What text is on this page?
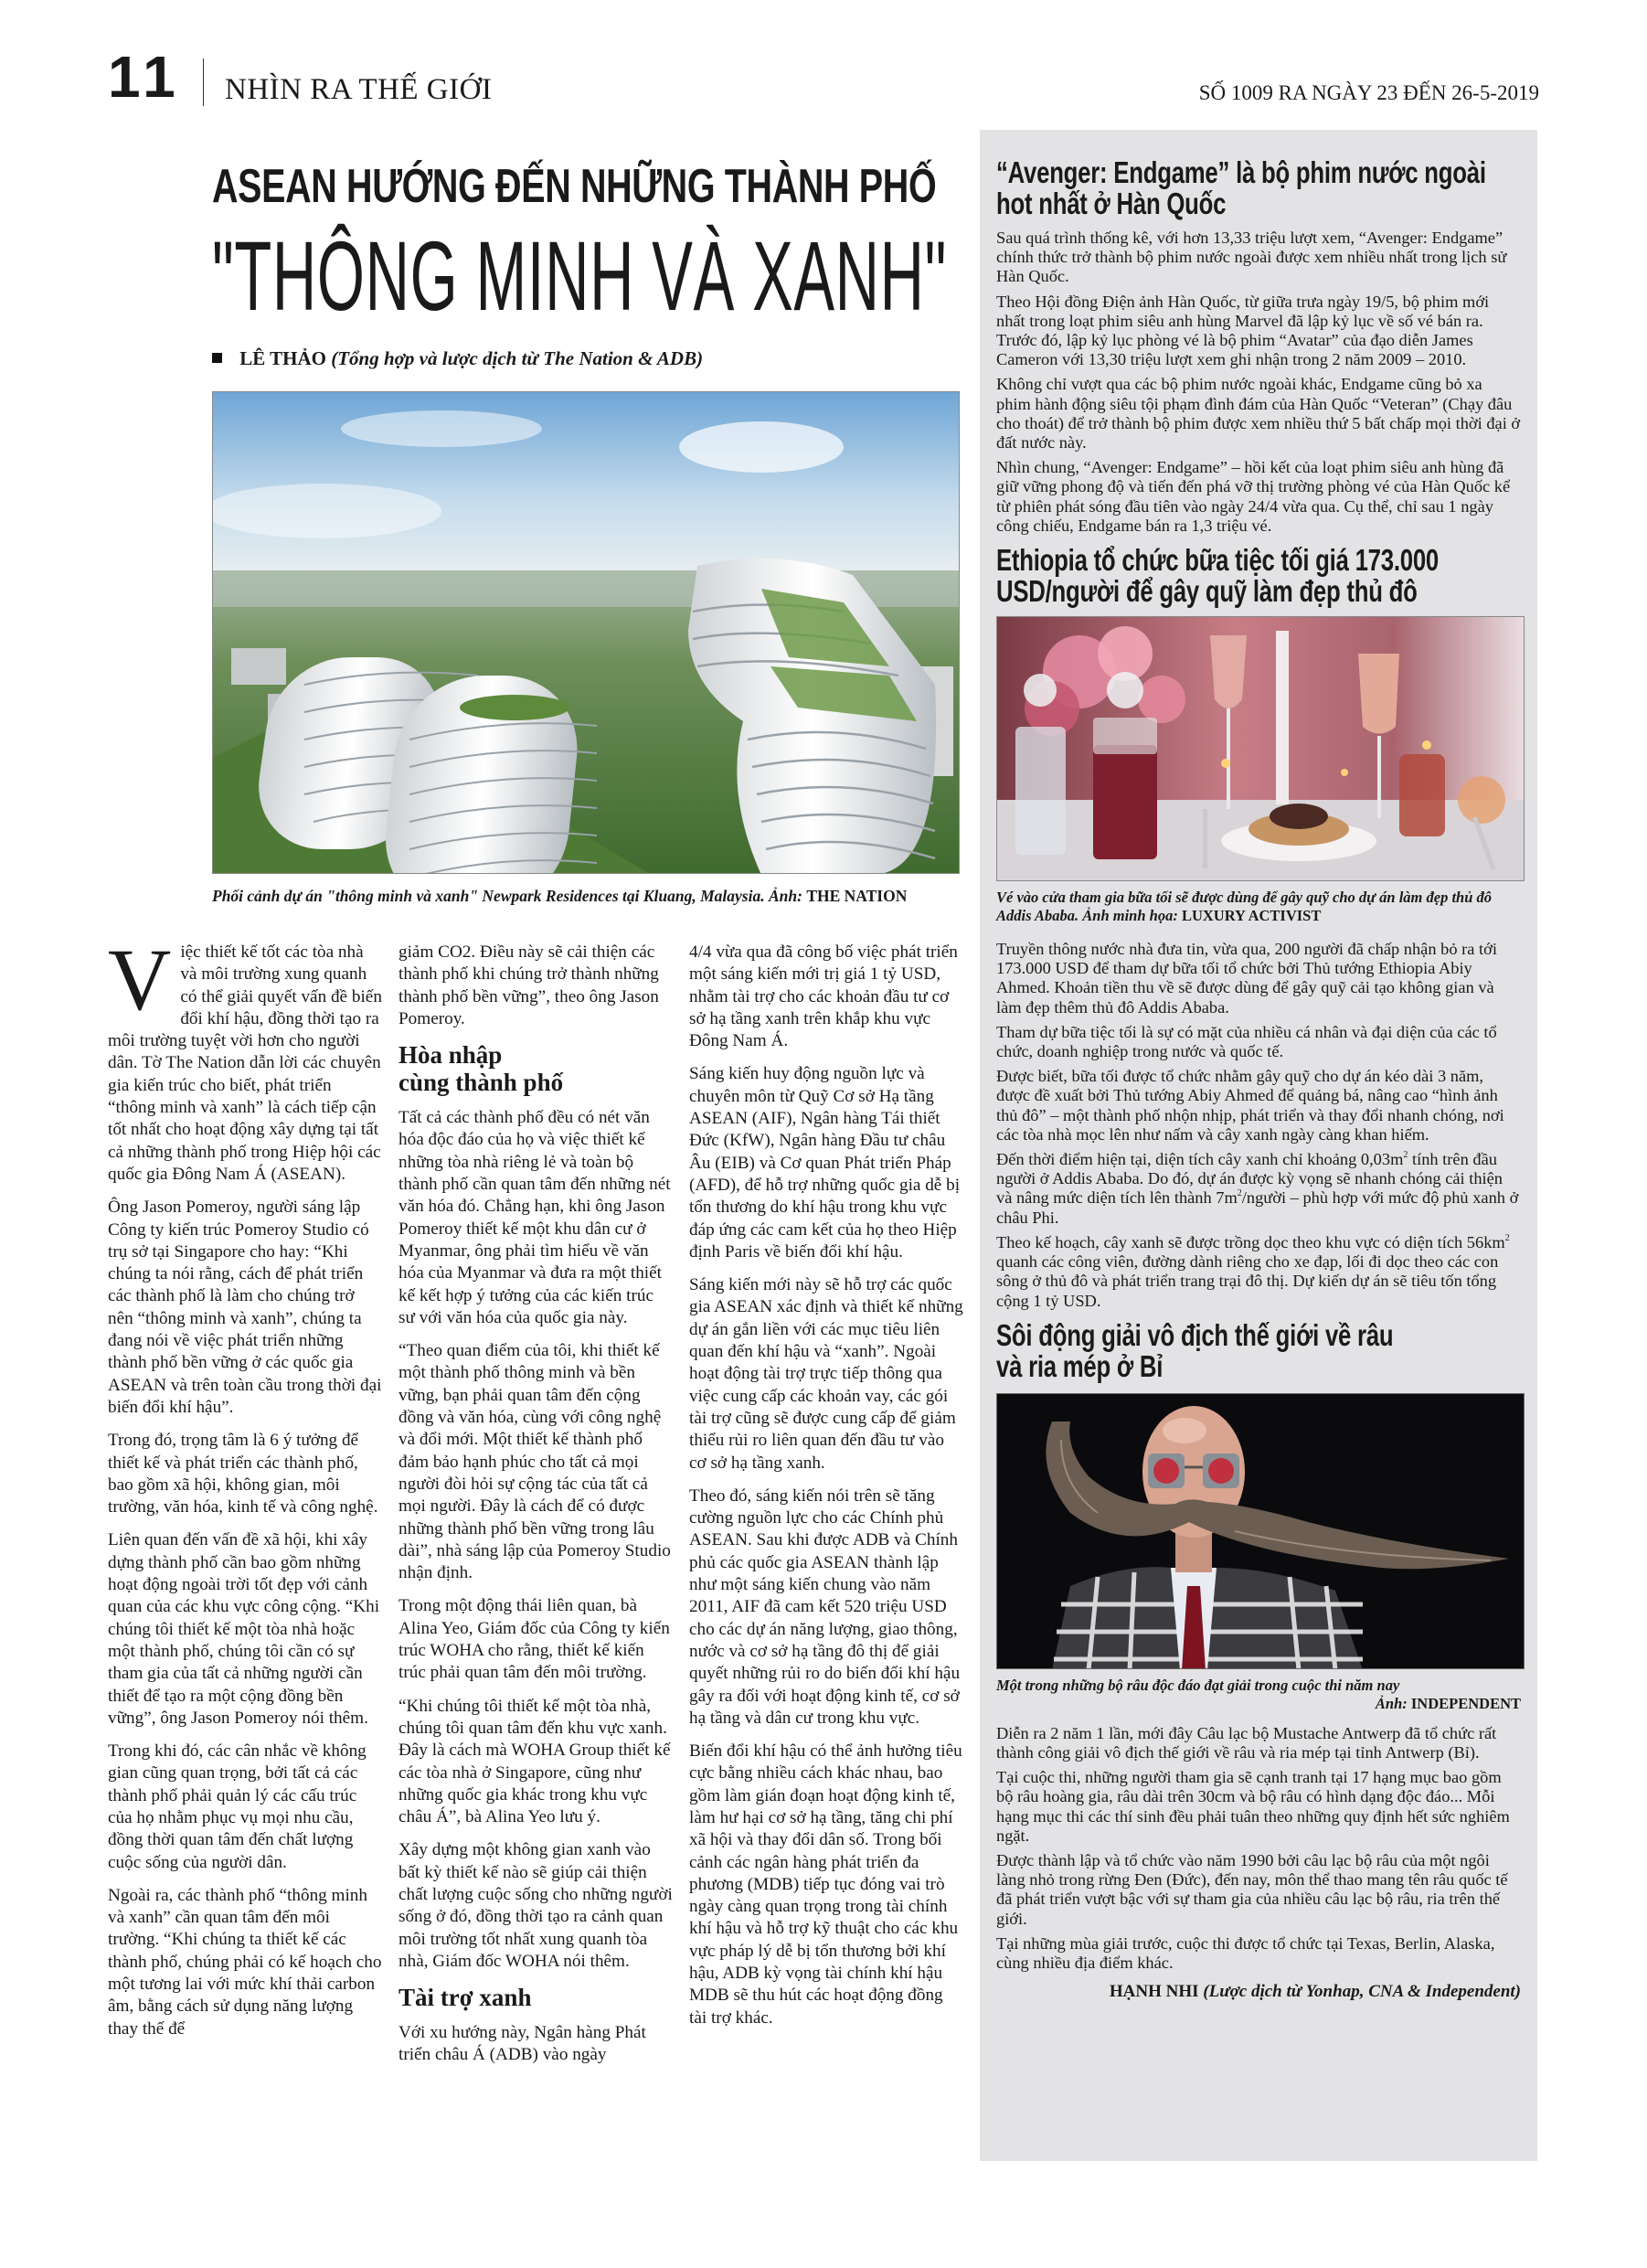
11 NHÌN RA THẾ GIỚI	SỐ 1009 RA NGÀY 23 ĐẾN 26-5-2019
ASEAN HƯỚNG ĐẾN NHỮNG THÀNH PHỐ
"THÔNG MINH VÀ XANH"
LÊ THẢO (Tổng hợp và lược dịch từ The Nation & ADB)
Phối cảnh dự án "thông minh và xanh" Newpark Residences tại Kluang, Malaysia. Ảnh: THE NATION

Việc thiết kế tốt các tòa nhà và môi trường xung quanh có thể giải quyết vấn đề biến đổi khí hậu, đồng thời tạo ra môi trường tuyệt vời hơn cho người dân. Tờ The Nation dẫn lời các chuyên gia kiến trúc cho biết, phát triển “thông minh và xanh” là cách tiếp cận tốt nhất cho hoạt động xây dựng tại tất cả những thành phố trong Hiệp hội các quốc gia Đông Nam Á (ASEAN).

Ông Jason Pomeroy, người sáng lập Công ty kiến trúc Pomeroy Studio có trụ sở tại Singapore cho hay: “Khi chúng ta nói rằng, cách để phát triển các thành phố là làm cho chúng trở nên “thông minh và xanh”, chúng ta đang nói về việc phát triển những thành phố bền vững ở các quốc gia ASEAN và trên toàn cầu trong thời đại biến đổi khí hậu”.

Trong đó, trọng tâm là 6 ý tưởng để thiết kế và phát triển các thành phố, bao gồm xã hội, không gian, môi trường, văn hóa, kinh tế và công nghệ.

Liên quan đến vấn đề xã hội, khi xây dựng thành phố cần bao gồm những hoạt động ngoài trời tốt đẹp với cảnh quan của các khu vực công cộng. “Khi chúng tôi thiết kế một tòa nhà hoặc một thành phố, chúng tôi cần có sự tham gia của tất cả những người cần thiết để tạo ra một cộng đồng bền vững”, ông Jason Pomeroy nói thêm.

Trong khi đó, các cân nhắc về không gian cũng quan trọng, bởi tất cả các thành phố phải quản lý các cấu trúc của họ nhằm phục vụ mọi nhu cầu, đồng thời quan tâm đến chất lượng cuộc sống của người dân.

Ngoài ra, các thành phố “thông minh và xanh” cần quan tâm đến môi trường. “Khi chúng ta thiết kế các thành phố, chúng phải có kế hoạch cho một tương lai với mức khí thải carbon âm, bằng cách sử dụng năng lượng thay thế để

giảm CO2. Điều này sẽ cải thiện các thành phố khi chúng trở thành những thành phố bền vững”, theo ông Jason Pomeroy.

Hòa nhập
cùng thành phố

Tất cả các thành phố đều có nét văn hóa độc đáo của họ và việc thiết kế những tòa nhà riêng lẻ và toàn bộ thành phố cần quan tâm đến những nét văn hóa đó. Chẳng hạn, khi ông Jason Pomeroy thiết kế một khu dân cư ở Myanmar, ông phải tìm hiểu về văn hóa của Myanmar và đưa ra một thiết kế kết hợp ý tưởng của các kiến trúc sư với văn hóa của quốc gia này.

“Theo quan điểm của tôi, khi thiết kế một thành phố thông minh và bền vững, bạn phải quan tâm đến cộng đồng và văn hóa, cùng với công nghệ và đổi mới. Một thiết kế thành phố đảm bảo hạnh phúc cho tất cả mọi người đòi hỏi sự cộng tác của tất cả mọi người. Đây là cách để có được những thành phố bền vững trong lâu dài”, nhà sáng lập của Pomeroy Studio nhận định.

Trong một động thái liên quan, bà Alina Yeo, Giám đốc của Công ty kiến trúc WOHA cho rằng, thiết kế kiến trúc phải quan tâm đến môi trường.

“Khi chúng tôi thiết kế một tòa nhà, chúng tôi quan tâm đến khu vực xanh. Đây là cách mà WOHA Group thiết kế các tòa nhà ở Singapore, cũng như những quốc gia khác trong khu vực châu Á”, bà Alina Yeo lưu ý.

Xây dựng một không gian xanh vào bất kỳ thiết kế nào sẽ giúp cải thiện chất lượng cuộc sống cho những người sống ở đó, đồng thời tạo ra cảnh quan môi trường tốt nhất xung quanh tòa nhà, Giám đốc WOHA nói thêm.

Tài trợ xanh

Với xu hướng này, Ngân hàng Phát triển châu Á (ADB) vào ngày

4/4 vừa qua đã công bố việc phát triển một sáng kiến mới trị giá 1 tỷ USD, nhằm tài trợ cho các khoản đầu tư cơ sở hạ tầng xanh trên khắp khu vực Đông Nam Á.

Sáng kiến huy động nguồn lực và chuyên môn từ Quỹ Cơ sở Hạ tầng ASEAN (AIF), Ngân hàng Tái thiết Đức (KfW), Ngân hàng Đầu tư châu Âu (EIB) và Cơ quan Phát triển Pháp (AFD), để hỗ trợ những quốc gia dễ bị tổn thương do khí hậu trong khu vực đáp ứng các cam kết của họ theo Hiệp định Paris về biến đổi khí hậu.

Sáng kiến mới này sẽ hỗ trợ các quốc gia ASEAN xác định và thiết kế những dự án gắn liền với các mục tiêu liên quan đến khí hậu và “xanh”. Ngoài hoạt động tài trợ trực tiếp thông qua việc cung cấp các khoản vay, các gói tài trợ cũng sẽ được cung cấp để giảm thiểu rủi ro liên quan đến đầu tư vào cơ sở hạ tầng xanh.

Theo đó, sáng kiến nói trên sẽ tăng cường nguồn lực cho các Chính phủ ASEAN. Sau khi được ADB và Chính phủ các quốc gia ASEAN thành lập như một sáng kiến chung vào năm 2011, AIF đã cam kết 520 triệu USD cho các dự án năng lượng, giao thông, nước và cơ sở hạ tầng đô thị để giải quyết những rủi ro do biến đổi khí hậu gây ra đối với hoạt động kinh tế, cơ sở hạ tầng và dân cư trong khu vực.

Biến đổi khí hậu có thể ảnh hưởng tiêu cực bằng nhiều cách khác nhau, bao gồm làm gián đoạn hoạt động kinh tế, làm hư hại cơ sở hạ tầng, tăng chi phí xã hội và thay đổi dân số. Trong bối cảnh các ngân hàng phát triển đa phương (MDB) tiếp tục đóng vai trò ngày càng quan trọng trong tài chính khí hậu và hỗ trợ kỹ thuật cho các khu vực pháp lý dễ bị tổn thương bởi khí hậu, ADB kỳ vọng tài chính khí hậu MDB sẽ thu hút các hoạt động đồng tài trợ khác.

“Avenger: Endgame” là bộ phim nước ngoài hot nhất ở Hàn Quốc

Sau quá trình thống kê, với hơn 13,33 triệu lượt xem, “Avenger: Endgame” chính thức trở thành bộ phim nước ngoài được xem nhiều nhất trong lịch sử Hàn Quốc.

Theo Hội đồng Điện ảnh Hàn Quốc, từ giữa trưa ngày 19/5, bộ phim mới nhất trong loạt phim siêu anh hùng Marvel đã lập kỷ lục về số vé bán ra. Trước đó, lập kỷ lục phòng vé là bộ phim “Avatar” của đạo diễn James Cameron với 13,30 triệu lượt xem ghi nhận trong 2 năm 2009 – 2010.

Không chỉ vượt qua các bộ phim nước ngoài khác, Endgame cũng bỏ xa phim hành động siêu tội phạm đình đám của Hàn Quốc “Veteran” (Chạy đâu cho thoát) để trở thành bộ phim được xem nhiều thứ 5 bất chấp mọi thời đại ở đất nước này.

Nhìn chung, “Avenger: Endgame” – hồi kết của loạt phim siêu anh hùng đã giữ vững phong độ và tiến đến phá vỡ thị trường phòng vé của Hàn Quốc kể từ phiên phát sóng đầu tiên vào ngày 24/4 vừa qua. Cụ thể, chỉ sau 1 ngày công chiếu, Endgame bán ra 1,3 triệu vé.

Ethiopia tổ chức bữa tiệc tối giá 173.000 USD/người để gây quỹ làm đẹp thủ đô
Vé vào cửa tham gia bữa tối sẽ được dùng để gây quỹ cho dự án làm đẹp thủ đô Addis Ababa. Ảnh minh họa: LUXURY ACTIVIST

Truyền thông nước nhà đưa tin, vừa qua, 200 người đã chấp nhận bỏ ra tới 173.000 USD để tham dự bữa tối tổ chức bởi Thủ tướng Ethiopia Abiy Ahmed. Khoản tiền thu về sẽ được dùng để gây quỹ cải tạo không gian và làm đẹp thêm thủ đô Addis Ababa.

Tham dự bữa tiệc tối là sự có mặt của nhiều cá nhân và đại diện của các tổ chức, doanh nghiệp trong nước và quốc tế.

Được biết, bữa tối được tổ chức nhằm gây quỹ cho dự án kéo dài 3 năm, được đề xuất bởi Thủ tướng Abiy Ahmed để quảng bá, nâng cao “hình ảnh thủ đô” – một thành phố nhộn nhịp, phát triển và thay đổi nhanh chóng, nơi các tòa nhà mọc lên như nấm và cây xanh ngày càng khan hiếm.

Đến thời điểm hiện tại, diện tích cây xanh chỉ khoảng $0,03m^2$ tính trên đầu người ở Addis Ababa. Do đó, dự án được kỳ vọng sẽ nhanh chóng cải thiện và nâng mức diện tích lên thành $7m^2$/người – phù hợp với mức độ phủ xanh ở châu Phi.

Theo kế hoạch, cây xanh sẽ được trồng dọc theo khu vực có diện tích $56km^2$ quanh các công viên, đường dành riêng cho xe đạp, lối đi dọc theo các con sông ở thủ đô và phát triển trang trại đô thị. Dự kiến dự án sẽ tiêu tốn tổng cộng 1 tỷ USD.

Sôi động giải vô địch thế giới về râu
và ria mép ở Bỉ
Một trong những bộ râu độc đáo đạt giải trong cuộc thi năm nay
Ảnh: INDEPENDENT

Diễn ra 2 năm 1 lần, mới đây Câu lạc bộ Mustache Antwerp đã tổ chức rất thành công giải vô địch thế giới về râu và ria mép tại tỉnh Antwerp (Bỉ).

Tại cuộc thi, những người tham gia sẽ cạnh tranh tại 17 hạng mục bao gồm bộ râu hoàng gia, râu dài trên 30cm và bộ râu có hình dạng độc đáo... Mỗi hạng mục thi các thí sinh đều phải tuân theo những quy định hết sức nghiêm ngặt.

Được thành lập và tổ chức vào năm 1990 bởi câu lạc bộ râu của một ngôi làng nhỏ trong rừng Đen (Đức), đến nay, môn thể thao mang tên râu quốc tế đã phát triển vượt bậc với sự tham gia của nhiều câu lạc bộ râu, ria trên thế giới.

Tại những mùa giải trước, cuộc thi được tổ chức tại Texas, Berlin, Alaska, cùng nhiều địa điểm khác.

HẠNH NHI (Lược dịch từ Yonhap, CNA & Independent)
